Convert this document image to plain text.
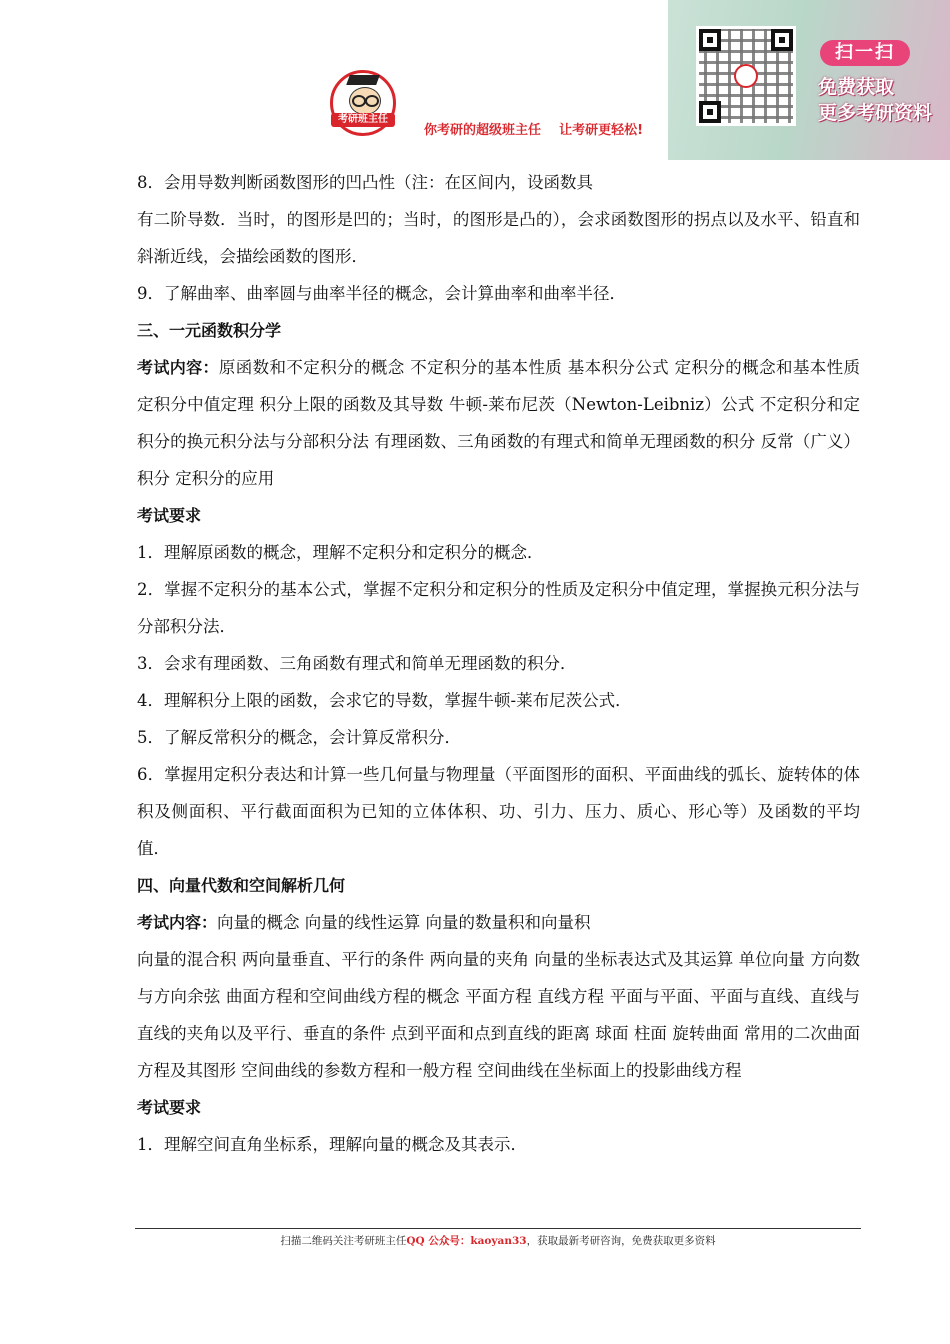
考研班主任
你考研的超级班主任    让考研更轻松!
扫一扫
免费获取
更多考研资料

8．会用导数判断函数图形的凹凸性（注：在区间内，设函数具

有二阶导数．当时，的图形是凹的；当时，的图形是凸的），会求函数图形的拐点以及水平、铅直和斜渐近线，会描绘函数的图形．

9．了解曲率、曲率圆与曲率半径的概念，会计算曲率和曲率半径．

三、一元函数积分学

考试内容：原函数和不定积分的概念 不定积分的基本性质 基本积分公式 定积分的概念和基本性质 定积分中值定理 积分上限的函数及其导数 牛顿-莱布尼茨（Newton-Leibniz）公式 不定积分和定积分的换元积分法与分部积分法 有理函数、三角函数的有理式和简单无理函数的积分 反常（广义）积分 定积分的应用

考试要求

1．理解原函数的概念，理解不定积分和定积分的概念．

2．掌握不定积分的基本公式，掌握不定积分和定积分的性质及定积分中值定理，掌握换元积分法与分部积分法．

3．会求有理函数、三角函数有理式和简单无理函数的积分．

4．理解积分上限的函数，会求它的导数，掌握牛顿-莱布尼茨公式．

5．了解反常积分的概念，会计算反常积分．

6．掌握用定积分表达和计算一些几何量与物理量（平面图形的面积、平面曲线的弧长、旋转体的体积及侧面积、平行截面面积为已知的立体体积、功、引力、压力、质心、形心等）及函数的平均值．

四、向量代数和空间解析几何

考试内容：向量的概念 向量的线性运算 向量的数量积和向量积

向量的混合积 两向量垂直、平行的条件 两向量的夹角 向量的坐标表达式及其运算 单位向量 方向数与方向余弦 曲面方程和空间曲线方程的概念 平面方程 直线方程 平面与平面、平面与直线、直线与直线的夹角以及平行、垂直的条件 点到平面和点到直线的距离 球面 柱面 旋转曲面 常用的二次曲面方程及其图形 空间曲线的参数方程和一般方程 空间曲线在坐标面上的投影曲线方程

考试要求

1．理解空间直角坐标系，理解向量的概念及其表示．

扫描二维码关注考研班主任QQ 公众号：kaoyan33，获取最新考研咨询，免费获取更多资料
